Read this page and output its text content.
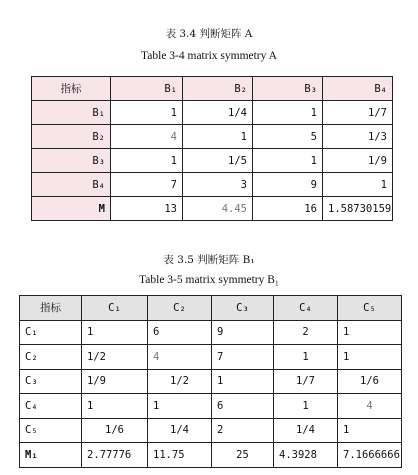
表 3.4 判断矩阵 A
Table 3-4 matrix symmetry A
指标	B₁	B₂	B₃	B₄
B₁	1	1/4	1	1/7
B₂	4	1	5	1/3
B₃	1	1/5	1	1/9
B₄	7	3	9	1
M	13	4.45	16	1.58730159
表 3.5 判断矩阵 B₁
Table 3-5 matrix symmetry B₁
指标	C₁	C₂	C₃	C₄	C₅
C₁	1	6	9	2	1
C₂	1/2	4	7	1	1
C₃	1/9	1/2	1	1/7	1/6
C₄	1	1	6	1	4
C₅	1/6	1/4	2	1/4	1
M₁	2.77776	11.75	25	4.3928	7.1666666
